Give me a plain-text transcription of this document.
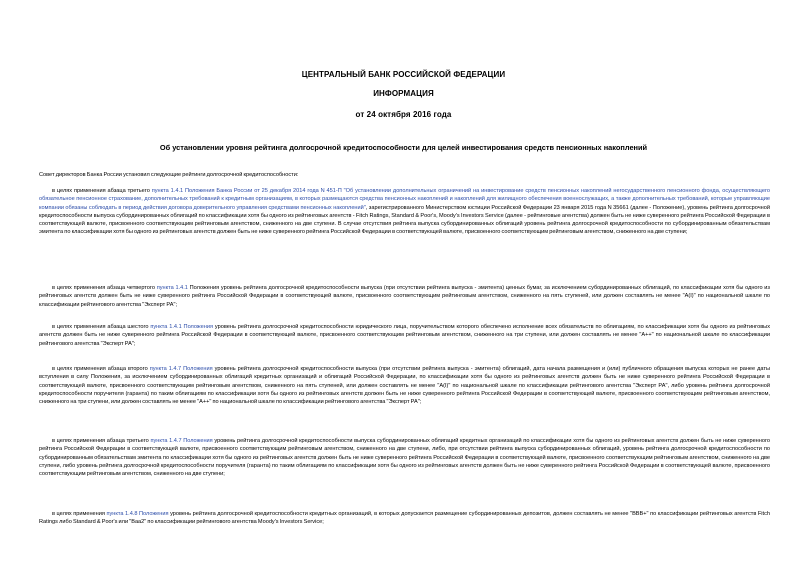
ЦЕНТРАЛЬНЫЙ БАНК РОССИЙСКОЙ ФЕДЕРАЦИИ
ИНФОРМАЦИЯ
от 24 октября 2016 года
Об установлении уровня рейтинга долгосрочной кредитоспособности для целей инвестирования средств пенсионных накоплений
Совет директоров Банка России установил следующие рейтинги долгосрочной кредитоспособности:
в целях применения абзаца третьего пункта 1.4.1 Положения Банка России от 25 декабря 2014 года N 451-П "Об установлении дополнительных ограничений на инвестирование средств пенсионных накоплений негосударственного пенсионного фонда, осуществляющего обязательное пенсионное страхование, дополнительных требований к кредитным организациям, в которых размещаются средства пенсионных накоплений и накоплений для жилищного обеспечения военнослужащих, а также дополнительных требований, которые управляющие компании обязаны соблюдать в период действия договора доверительного управления средствами пенсионных накоплений", зарегистрированного Министерством юстиции Российской Федерации 23 января 2015 года N 35661 (далее - Положение), уровень рейтинга долгосрочной кредитоспособности выпуска субординированных облигаций по классификации хотя бы одного из рейтинговых агентств - Fitch Ratings, Standard & Poor's, Moody's Investors Service (далее - рейтинговые агентства) должен быть не ниже суверенного рейтинга Российской Федерации в соответствующей валюте, присвоенного соответствующим рейтинговым агентством, сниженного на две ступени. В случае отсутствия рейтинга выпуска субординированных облигаций уровень рейтинга долгосрочной кредитоспособности по субординированным обязательствам эмитента по классификации хотя бы одного из рейтинговых агентств должен быть не ниже суверенного рейтинга Российской Федерации в соответствующей валюте, присвоенного соответствующим рейтинговым агентством, сниженного на две ступени;
в целях применения абзаца четвертого пункта 1.4.1 Положения уровень рейтинга долгосрочной кредитоспособности выпуска (при отсутствии рейтинга выпуска - эмитента) ценных бумаг, за исключением субординированных облигаций, по классификации хотя бы одного из рейтинговых агентств должен быть не ниже суверенного рейтинга Российской Федерации в соответствующей валюте, присвоенного соответствующим рейтинговым агентством, сниженного на пять ступеней, или должен составлять не менее "A(I)" по национальной шкале по классификации рейтингового агентства "Эксперт РА";
в целях применения абзаца шестого пункта 1.4.1 Положения уровень рейтинга долгосрочной кредитоспособности юридического лица, поручительством которого обеспечено исполнение всех обязательств по облигациям, по классификации хотя бы одного из рейтинговых агентств должен быть не ниже суверенного рейтинга Российской Федерации в соответствующей валюте, присвоенного соответствующим рейтинговым агентством, сниженного на три ступени, или должен составлять не менее "A++" по национальной шкале по классификации рейтингового агентства "Эксперт РА";
в целях применения абзаца второго пункта 1.4.7 Положения уровень рейтинга долгосрочной кредитоспособности выпуска (при отсутствии рейтинга выпуска - эмитента) облигаций, дата начала размещения и (или) публичного обращения выпуска которых не ранее даты вступления в силу Положения, за исключением субординированных облигаций кредитных организаций и облигаций Российской Федерации, по классификации хотя бы одного из рейтинговых агентств должен быть не ниже суверенного рейтинга Российской Федерации в соответствующей валюте, присвоенного соответствующим рейтинговым агентством, сниженного на пять ступеней, или должен составлять не менее "A(I)" по национальной шкале по классификации рейтингового агентства "Эксперт РА", либо уровень рейтинга долгосрочной кредитоспособности поручителя (гаранта) по таким облигациям по классификации хотя бы одного из рейтинговых агентств должен быть не ниже суверенного рейтинга Российской Федерации в соответствующей валюте, присвоенного соответствующим рейтинговым агентством, сниженного на три ступени, или должен составлять не менее "A++" по национальной шкале по классификации рейтингового агентства "Эксперт РА";
в целях применения абзаца третьего пункта 1.4.7 Положения уровень рейтинга долгосрочной кредитоспособности выпуска субординированных облигаций кредитных организаций по классификации хотя бы одного из рейтинговых агентств должен быть не ниже суверенного рейтинга Российской Федерации в соответствующей валюте, присвоенного соответствующим рейтинговым агентством, сниженного на две ступени, либо, при отсутствии рейтинга выпуска субординированных облигаций, уровень рейтинга долгосрочной кредитоспособности по субординированным обязательствам эмитента по классификации хотя бы одного из рейтинговых агентств должен быть не ниже суверенного рейтинга Российской Федерации в соответствующей валюте, присвоенного соответствующим рейтинговым агентством, сниженного на две ступени, либо уровень рейтинга долгосрочной кредитоспособности поручителя (гаранта) по таким облигациям по классификации хотя бы одного из рейтинговых агентств должен быть не ниже суверенного рейтинга Российской Федерации в соответствующей валюте, присвоенного соответствующим рейтинговым агентством, сниженного на две ступени;
в целях применения пункта 1.4.8 Положения уровень рейтинга долгосрочной кредитоспособности кредитных организаций, в которых допускается размещение субординированных депозитов, должен составлять не менее "BBB+" по классификации рейтинговых агентств Fitch Ratings либо Standard & Poor's или "Baa2" по классификации рейтингового агентства Moody's Investors Service;
